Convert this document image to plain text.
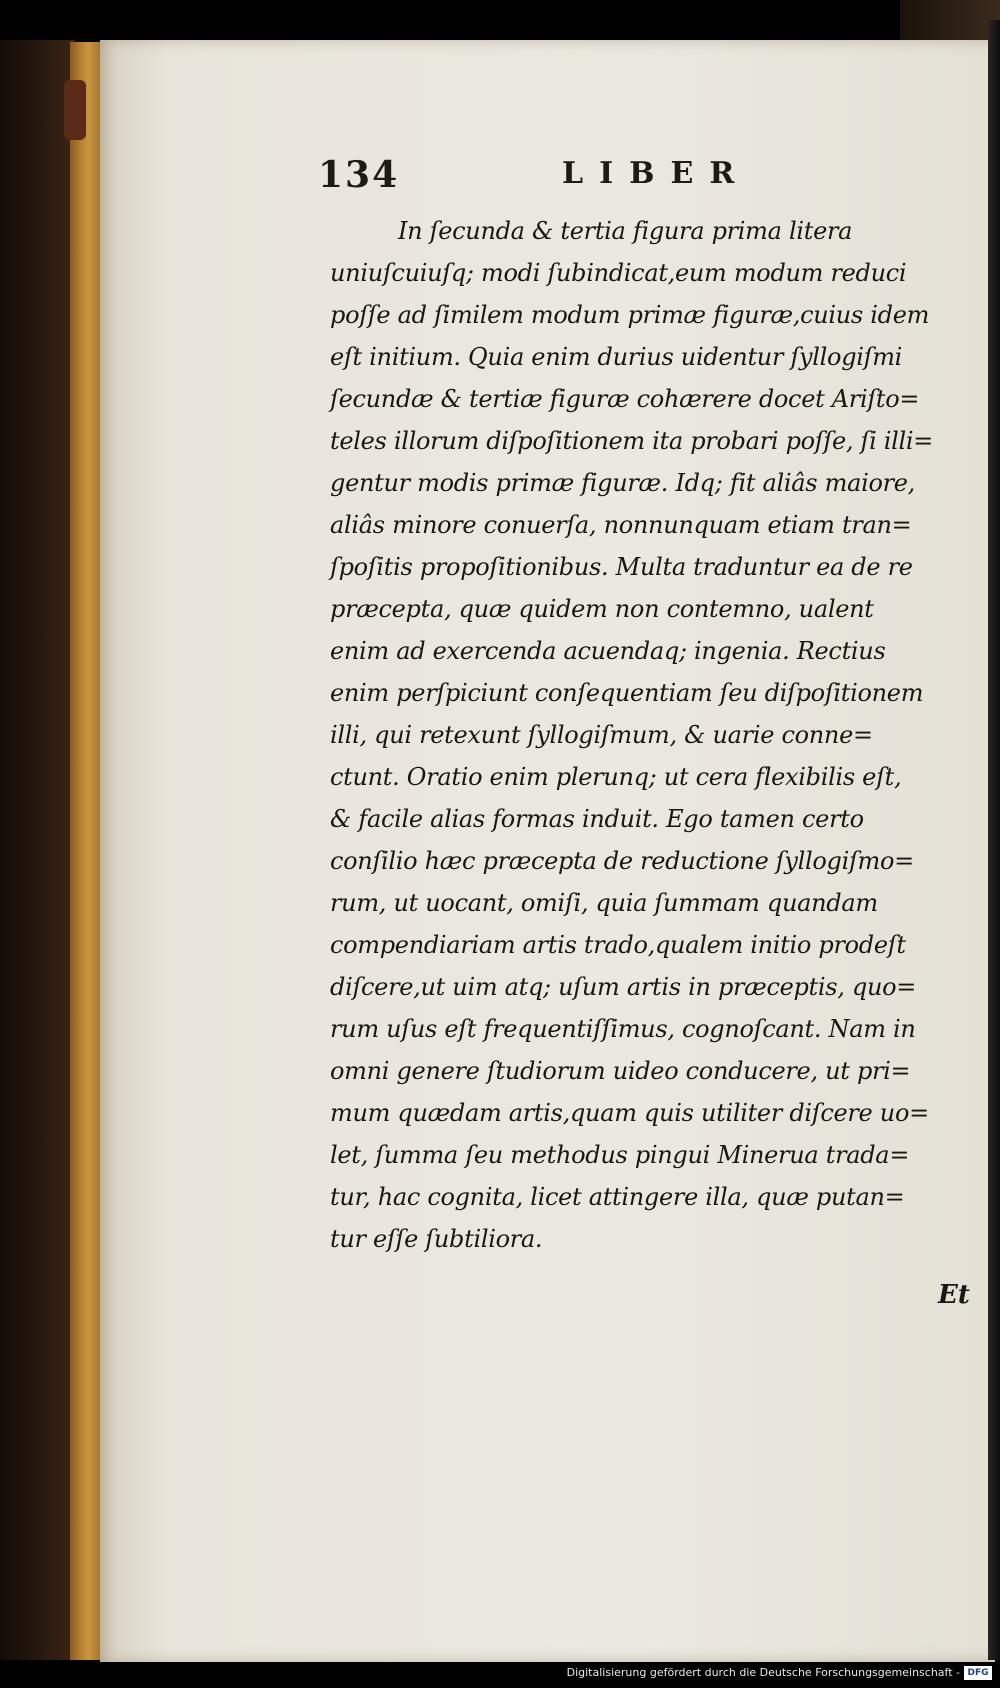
134	LIBER
In ſecunda & tertia figura prima litera
uniuſcuiuſq; modi ſubindicat,eum modum reduci
poſſe ad ſimilem modum primæ figuræ,cuius idem
eſt initium. Quia enim durius uidentur ſyllogiſmi
ſecundæ & tertiæ figuræ cohærere docet Ariſto=
teles illorum diſpoſitionem ita probari poſſe, ſi illi=
gentur modis primæ figuræ. Idq; fit aliâs maiore,
aliâs minore conuerſa, nonnunquam etiam tran=
ſpoſitis propoſitionibus. Multa traduntur ea de re
præcepta, quæ quidem non contemno, ualent
enim ad exercenda acuendaq; ingenia. Rectius
enim perſpiciunt conſequentiam ſeu diſpoſitionem
illi, qui retexunt ſyllogiſmum, & uarie conne=
ctunt. Oratio enim plerunq; ut cera flexibilis eſt,
& facile alias formas induit. Ego tamen certo
conſilio hæc præcepta de reductione ſyllogiſmo=
rum, ut uocant, omiſi, quia ſummam quandam
compendiariam artis trado,qualem initio prodeſt
diſcere,ut uim atq; uſum artis in præceptis, quo=
rum uſus eſt frequentiſſimus, cognoſcant. Nam in
omni genere ſtudiorum uideo conducere, ut pri=
mum quædam artis,quam quis utiliter diſcere uo=
let, ſumma ſeu methodus pingui Minerua trada=
tur, hac cognita, licet attingere illa, quæ putan=
tur eſſe ſubtiliora.
Et
Digitalisierung gefördert durch die Deutsche Forschungsgemeinschaft - DFG
